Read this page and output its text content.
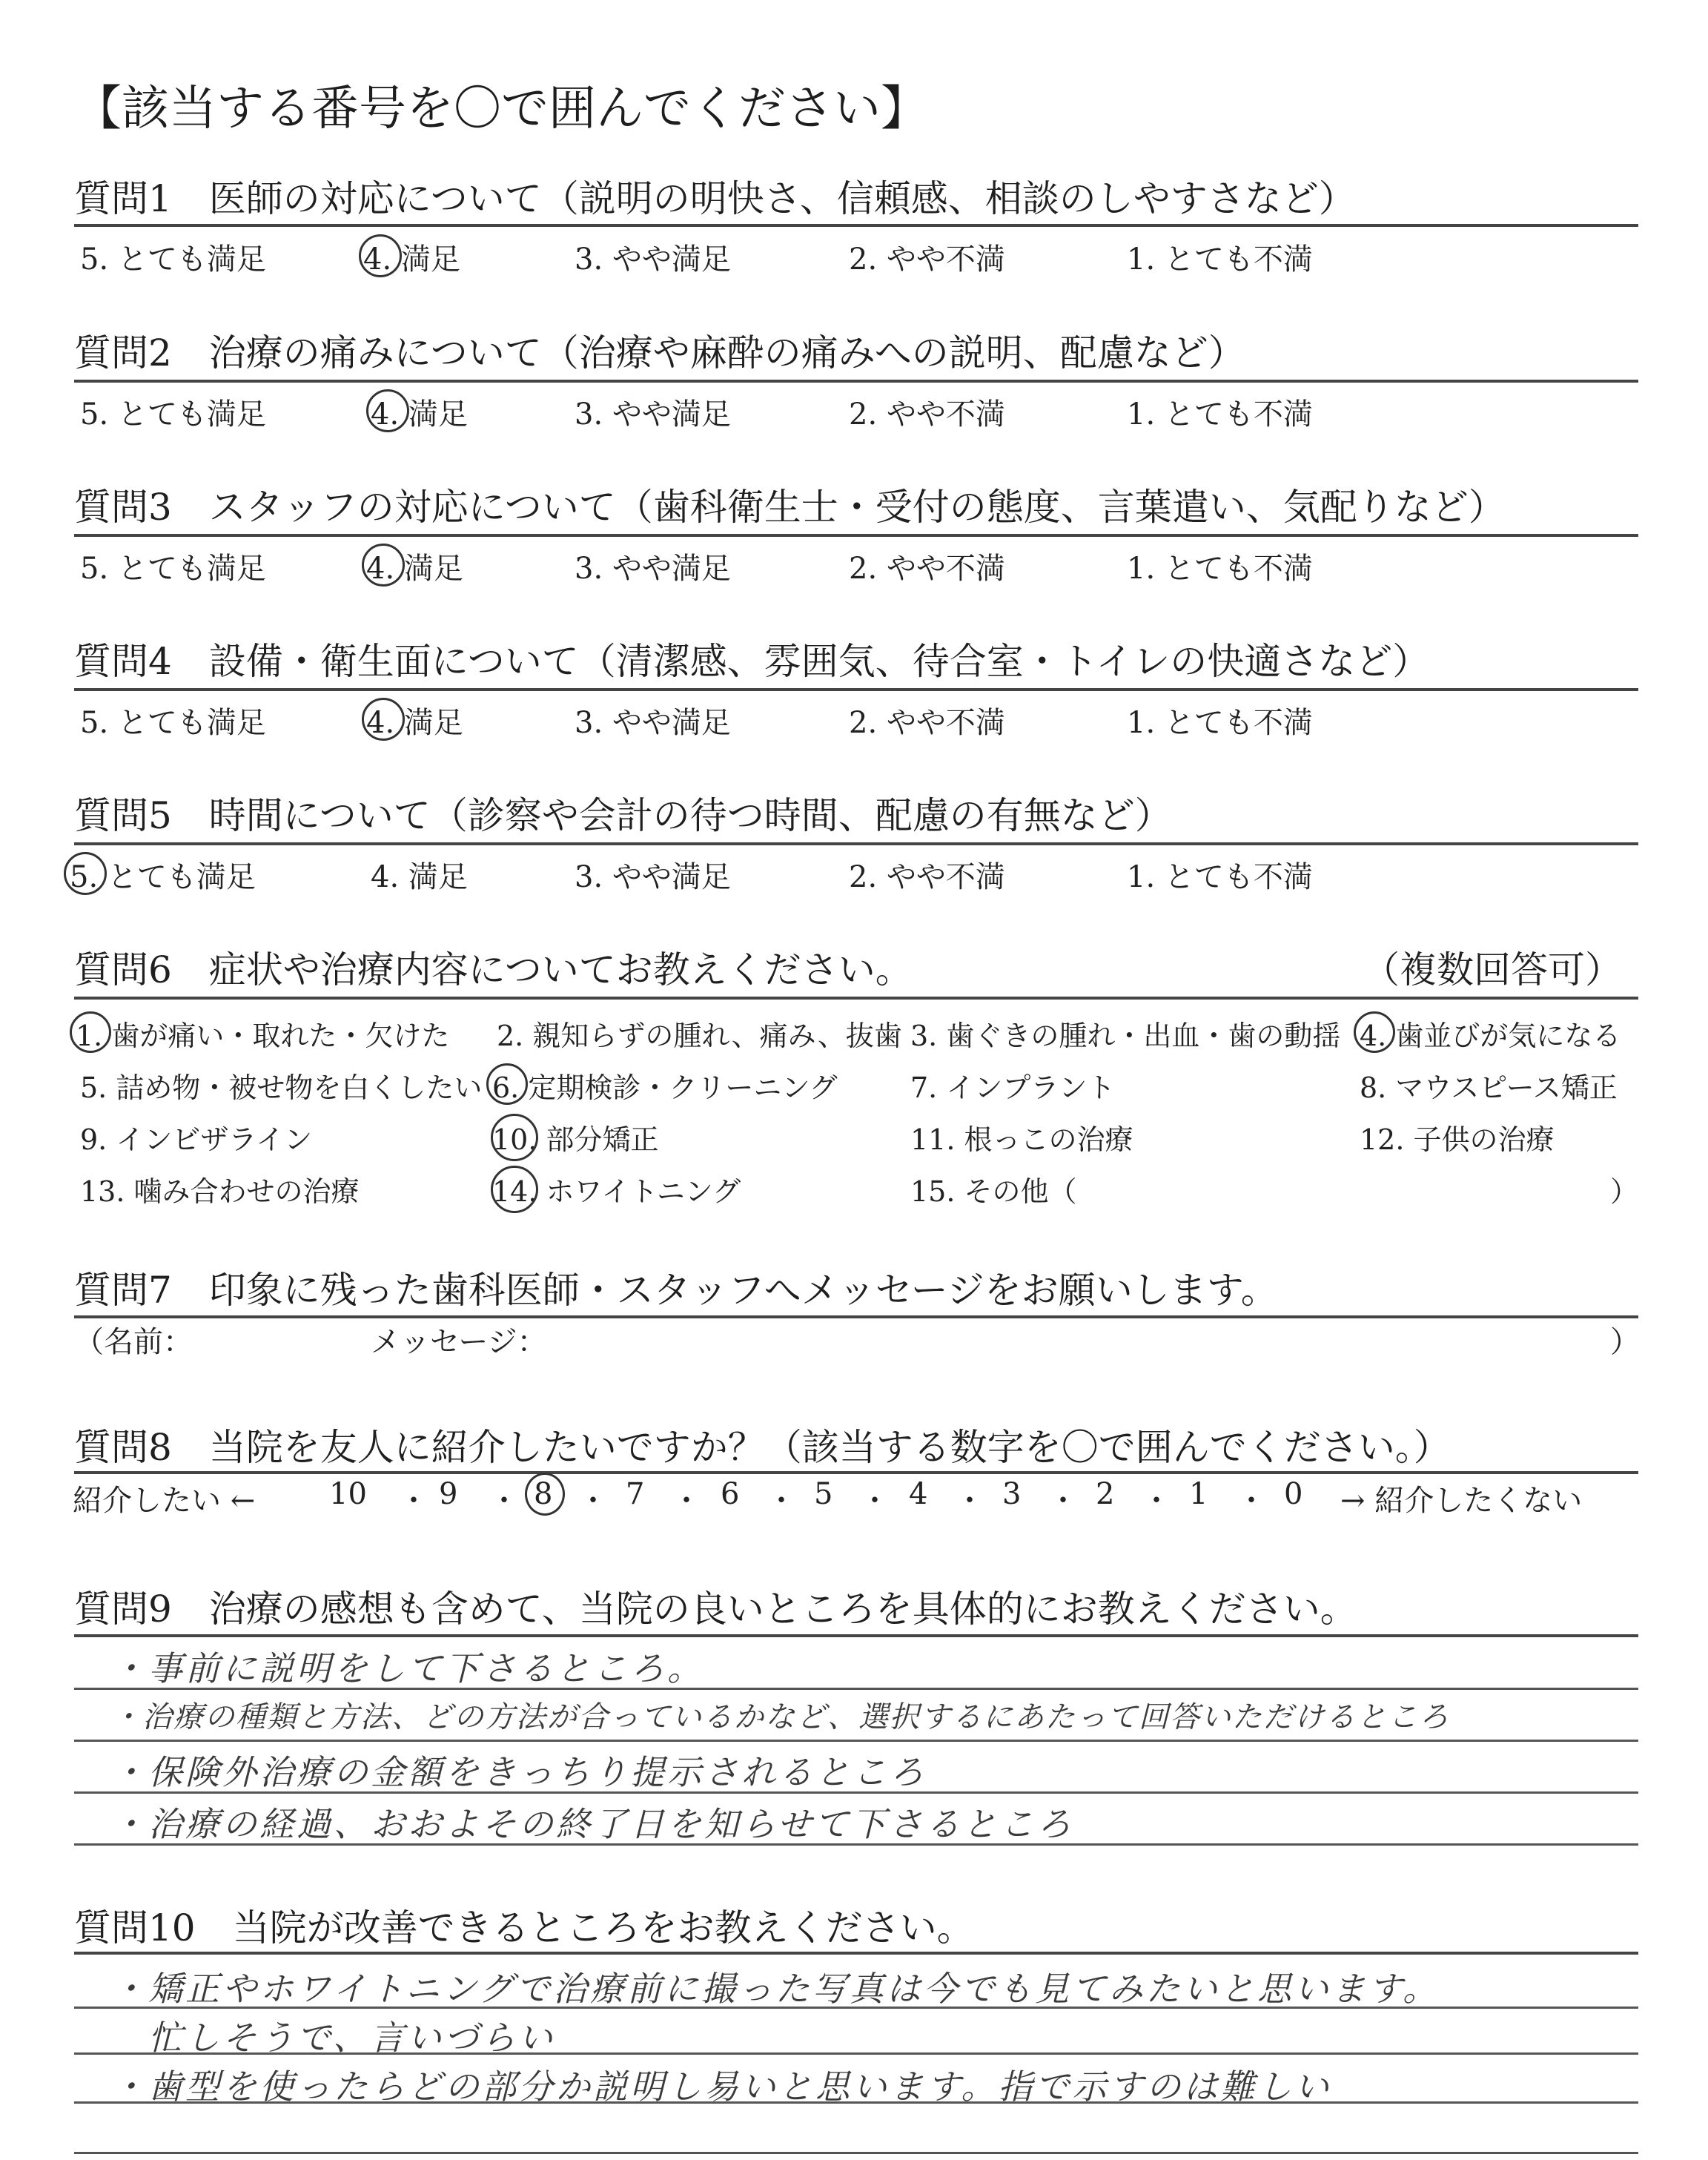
【該当する番号を〇で囲んでください】
質問1　医師の対応について（説明の明快さ、信頼感、相談のしやすさなど）
5. とても満足	4. 満足	3. やや満足	2. やや不満	1. とても不満
質問2　治療の痛みについて（治療や麻酔の痛みへの説明、配慮など）
5. とても満足	4. 満足	3. やや満足	2. やや不満	1. とても不満
質問3　スタッフの対応について（歯科衛生士・受付の態度、言葉遣い、気配りなど）
5. とても満足	4. 満足	3. やや満足	2. やや不満	1. とても不満
質問4　設備・衛生面について（清潔感、雰囲気、待合室・トイレの快適さなど）
5. とても満足	4. 満足	3. やや満足	2. やや不満	1. とても不満
質問5　時間について（診察や会計の待つ時間、配慮の有無など）
5. とても満足	4. 満足	3. やや満足	2. やや不満	1. とても不満
質問6　症状や治療内容についてお教えください。	（複数回答可）
1. 歯が痛い・取れた・欠けた 2. 親知らずの腫れ、痛み、抜歯 3. 歯ぐきの腫れ・出血・歯の動揺 4. 歯並びが気になる
5. 詰め物・被せ物を白くしたい 6. 定期検診・クリーニング	7. インプラント	8. マウスピース矯正
9. インビザライン	10. 部分矯正	11. 根っこの治療	12. 子供の治療
13. 噛み合わせの治療	14. ホワイトニング	15. その他（	）
質問7　印象に残った歯科医師・スタッフへメッセージをお願いします。
（名前：	メッセージ：	）
質問8　当院を友人に紹介したいですか？（該当する数字を〇で囲んでください。）
紹介したい ←	→ 紹介したくない
10 ・ 9 ・ 8 ・ 7 ・ 6 ・ 5 ・ 4 ・ 3 ・ 2 ・ 1 ・ 0
質問9　治療の感想も含めて、当院の良いところを具体的にお教えください。
・事前に説明をして下さるところ。
・治療の種類と方法、どの方法が合っているかなど、選択するにあたって回答いただけるところ
・保険外治療の金額をきっちり提示されるところ
・治療の経過、おおよその終了日を知らせて下さるところ
質問10　当院が改善できるところをお教えください。
・矯正やホワイトニングで治療前に撮った写真は今でも見てみたいと思います。
　忙しそうで、言いづらい
・歯型を使ったらどの部分か説明し易いと思います。指で示すのは難しい
